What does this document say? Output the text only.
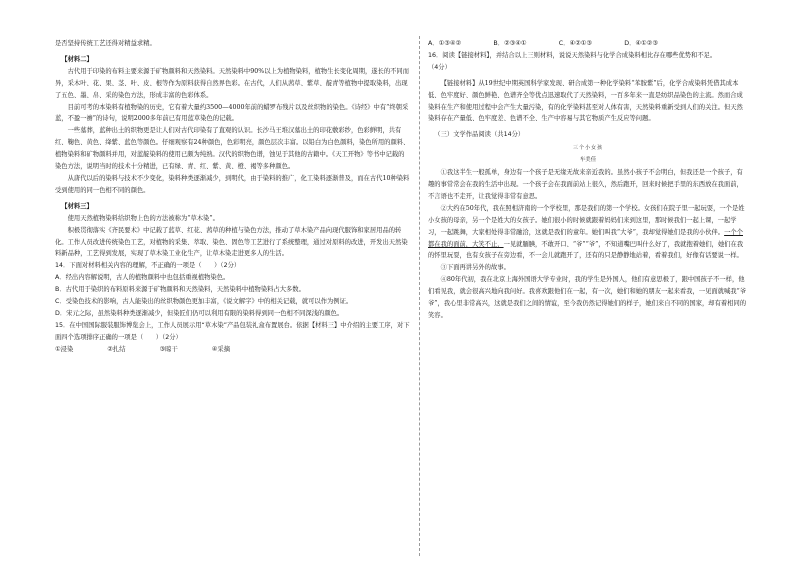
是否坚持传统工艺还得对精益求精。

【材料二】

古代用于印染的布料主要来源于矿物颜料和天然染料。天然染料中90%以上为植物染料，植物生长变化周期，遂长的不同而异，采木叶、花、果、茎、叶、皮、根等作为原料获得自然界色彩。在古代，人们从茜草、紫草、靛青等植物中提取染料，出现了五色、墨、帛、采的染色方法，形成丰富的色彩体系。

目前可考的本染料有植物染的历史，它有着大量约3500—4000年前的蜡罗布残片以及丝织物的染色。《诗经》中有“终朝采蓝，不盈一襜”的诗句，说明2000多年前已有用蓝草染色的记载。

一些墓葬，蓝种出土的织物更是让人们对古代印染有了直观的认识。长沙马王堆汉墓出土的印花敷彩纱，色彩鲜明，共有红、鞠色、黄色、绛紫、蓝色等颜色。仔细观察有24种颜色，色彩明亮，颜色层次丰富。以铅白为白色颜料，染色所用的颜料、植物染料和矿物颜料并用，对蓝靛染料的使用已颇为纯熟。汉代的织物色谱，蚀见于其他的古籍中。《天工开物》等书中记载的染色方法，说明当时的技术十分精进，已有绿、青、红、紫、黄、橙、褐等多种颜色。

从唐代以后的染料与技术不少变化，染料种类逐渐减少，到明代，由于染料的推广，化工染料逐渐普及，而在古代10种染料受到使用的同一色相不同的颜色。

【材料三】

使用天然植物染料给织物上色的方法被称为“草木染”。

积极贯彻落实《齐民要术》中记载了蓝草、红花、茜草的种植与染色方法，推动了草木染产品向现代服饰和家居用品的转化。工作人员改进传统染色工艺，对植物的采集、萃取、染色、固色等工艺进行了系统整理，通过对原料的改进，开发出天然染料新品种，工艺得到发展，实现了草木染工业化生产，让草木染走进更多人的生活。

14．下面对材料相关内容的理解，不正确的一项是（　　）（2分）

A．经出内容解说明，古人的植物颜料中也包括重视植物染色。

B．古代用于染织的布料原料来源于矿物颜料和天然染料，天然染料中植物染料占大多数。

C．受染色技术的影响，古人能染出的丝织物颜色更加丰富，《说文解字》中的相关记载，就可以作为例证。

D．宋元之际，虽然染料种类逐渐减少，但染匠们仍可以利用有限的染料得到同一色相不同深浅的颜色。

15．在中国国际服装服饰博览会上，工作人员展示用“草木染”产品包装礼盒布置展台。依据【材料三】中介绍的主要工序，对下面四个选项排序正确的一项是（　　）（2分）

①浸染	②扎结	③晾干	④采摘
A．①③④②	B．②③④①	C．④②①③	D．④①②③

16．阅读【链接材料】，并结合以上三则材料，说说天然染料与化学合成染料相比存在哪些优势和不足。

（4分）

【链接材料】从19世纪中期英国科学家发现、研合成第一种化学染料“苯胺紫”后，化学合成染料凭借其成本低、色牢度好、颜色鲜艳、色谱齐全等优点迅速取代了天然染料，一百多年来一直是纺织品染色的主流。然而合成染料在生产和使用过程中会产生大量污染，有的化学染料甚至对人体有害，天然染料重新受到人们的关注。但天然染料存在产量低、色牢度差、色谱不全、生产中容易与其它物质产生反应等问题。

（三）文学作品阅读（共14分）

三个小女孩

车美佳

①我这半生一般孤单，身边有一个孩子是无缘无故来亲近我的。虽然小孩子不会明白，但我还是一个孩子，有趣的事常常会在我的生活中出现。一个孩子会在我面前站上很久，然后跑开，回来时候把手里的东西放在我面前，不言语也不走开，让我觉得非常有意思。

②大约在50年代，我在照相济南的一个学校里，那是我们的第一个学校。女孩们在院子里一起玩耍，一个是姓小女孩的母亲，另一个是姓大的女孩子。她们很小的时候就跟着妈妈们来到这里，那时候我们一起上课，一起学习，一起跳舞，大家相处得非常融洽，这就是我们的童年。她们叫我“大爷”，我却觉得她们是我的小伙伴。一个个都在我的面前，大笑不止，一见就腼腆，不敢开口、“爷”“爷”，不知道嘴巴叫什么好了，我就抱着她们，她们在我的怀里玩耍，也有女孩子在旁边看，不一会儿就跑开了，还有的只是静静地站着，看着我们，好像有话要说一样。

③下面再讲另外的故事。

④80年代初，我在北京上海外国语大学专业时，我的学生是外国人，他们有意思极了，跟中国孩子不一样，他们看见我，就会很高兴地向我问好。我喜欢跟他们在一起，有一次，她们和她的朋友一起来看我，一见面就喊我“爷爷”，我心里非常高兴，这就是我们之间的情谊，至今我仍然记得她们的样子，她们来自不同的国家，却有着相同的笑容。
